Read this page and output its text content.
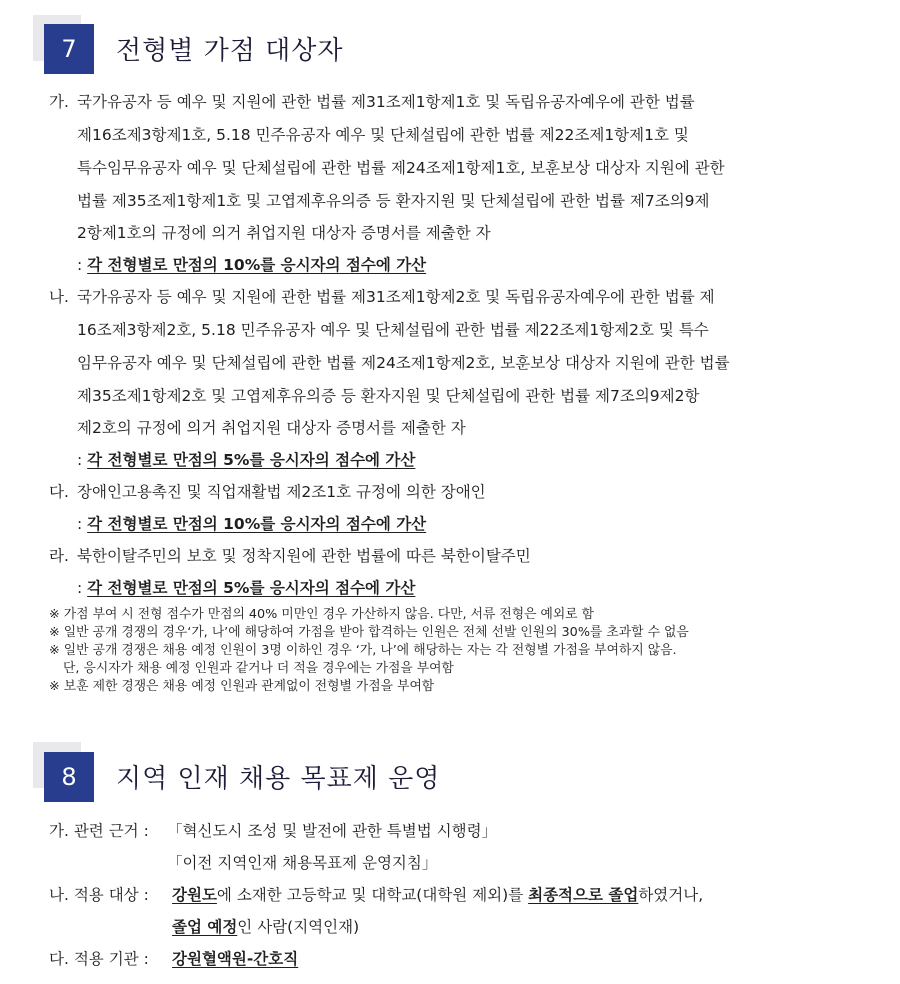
7	전형별 가점 대상자
가. 국가유공자 등 예우 및 지원에 관한 법률 제31조제1항제1호 및 독립유공자예우에 관한 법률
제16조제3항제1호, 5.18 민주유공자 예우 및 단체설립에 관한 법률 제22조제1항제1호 및
특수임무유공자 예우 및 단체설립에 관한 법률 제24조제1항제1호, 보훈보상 대상자 지원에 관한
법률 제35조제1항제1호 및 고엽제후유의증 등 환자지원 및 단체설립에 관한 법률 제7조의9제
2항제1호의 규정에 의거 취업지원 대상자 증명서를 제출한 자
: 각 전형별로 만점의 10%를 응시자의 점수에 가산
나. 국가유공자 등 예우 및 지원에 관한 법률 제31조제1항제2호 및 독립유공자예우에 관한 법률 제
16조제3항제2호, 5.18 민주유공자 예우 및 단체설립에 관한 법률 제22조제1항제2호 및 특수
임무유공자 예우 및 단체설립에 관한 법률 제24조제1항제2호, 보훈보상 대상자 지원에 관한 법률
제35조제1항제2호 및 고엽제후유의증 등 환자지원 및 단체설립에 관한 법률 제7조의9제2항
제2호의 규정에 의거 취업지원 대상자 증명서를 제출한 자
: 각 전형별로 만점의 5%를 응시자의 점수에 가산
다. 장애인고용촉진 및 직업재활법 제2조1호 규정에 의한 장애인
: 각 전형별로 만점의 10%를 응시자의 점수에 가산
라. 북한이탈주민의 보호 및 정착지원에 관한 법률에 따른 북한이탈주민
: 각 전형별로 만점의 5%를 응시자의 점수에 가산
※ 가점 부여 시 전형 점수가 만점의 40% 미만인 경우 가산하지 않음. 다만, 서류 전형은 예외로 함
※ 일반 공개 경쟁의 경우‘가, 나’에 해당하여 가점을 받아 합격하는 인원은 전체 선발 인원의 30%를 초과할 수 없음
※ 일반 공개 경쟁은 채용 예정 인원이 3명 이하인 경우 ‘가, 나’에 해당하는 자는 각 전형별 가점을 부여하지 않음.
단, 응시자가 채용 예정 인원과 같거나 더 적을 경우에는 가점을 부여함
※ 보훈 제한 경쟁은 채용 예정 인원과 관계없이 전형별 가점을 부여함
8	지역 인재 채용 목표제 운영
가. 관련 근거 : 「혁신도시 조성 및 발전에 관한 특별법 시행령」
「이전 지역인재 채용목표제 운영지침」
나. 적용 대상 : 강원도에 소재한 고등학교 및 대학교(대학원 제외)를 최종적으로 졸업하였거나,
졸업 예정인 사람(지역인재)
다. 적용 기관 : 강원혈액원-간호직
